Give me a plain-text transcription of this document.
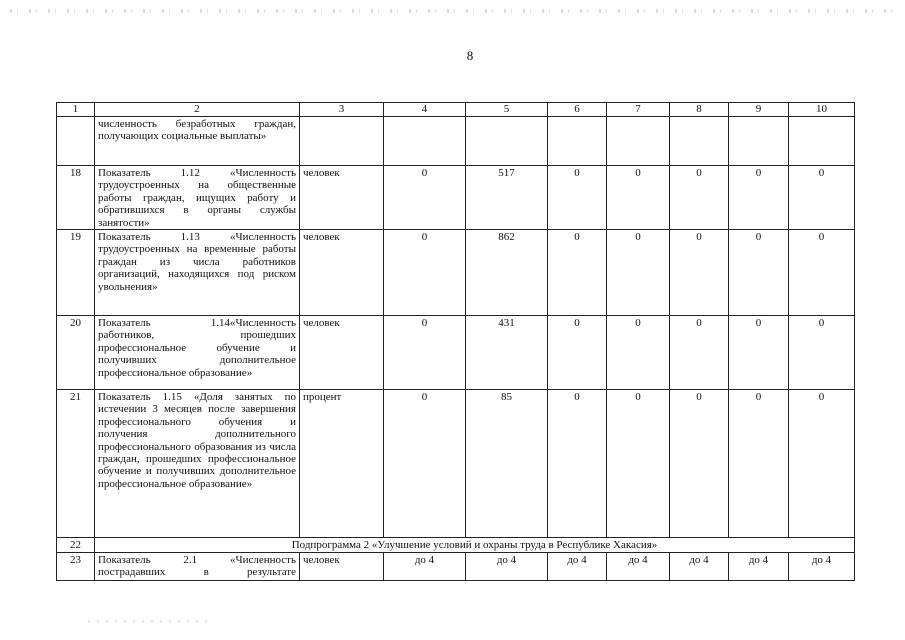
8
1	2	3	4	5	6	7	8	9	10
	численность безработных граждан, получающих социальные выплаты»								
18	Показатель 1.12 «Численность трудоустроенных на общественные работы граждан, ищущих работу и обратившихся в органы службы занятости»	человек	0	517	0	0	0	0	0
19	Показатель 1.13 «Численность трудоустроенных на временные работы граждан из числа работников организаций, находящихся под риском увольнения»	человек	0	862	0	0	0	0	0
20	Показатель 1.14«Численность работников, прошедших профессиональное обучение и получивших дополнительное профессиональное образование»	человек	0	431	0	0	0	0	0
21	Показатель 1.15 «Доля занятых по истечении 3 месяцев после завершения профессионального обучения и получения дополнительного профессионального образования из числа граждан, прошедших профессиональное обучение и получивших дополнительное профессиональное образование»	процент	0	85	0	0	0	0	0
22	Подпрограмма 2 «Улучшение условий и охраны труда в Республике Хакасия»								
23	Показатель 2.1 «Численность пострадавших в результате	человек	до 4	до 4	до 4	до 4	до 4	до 4	до 4
